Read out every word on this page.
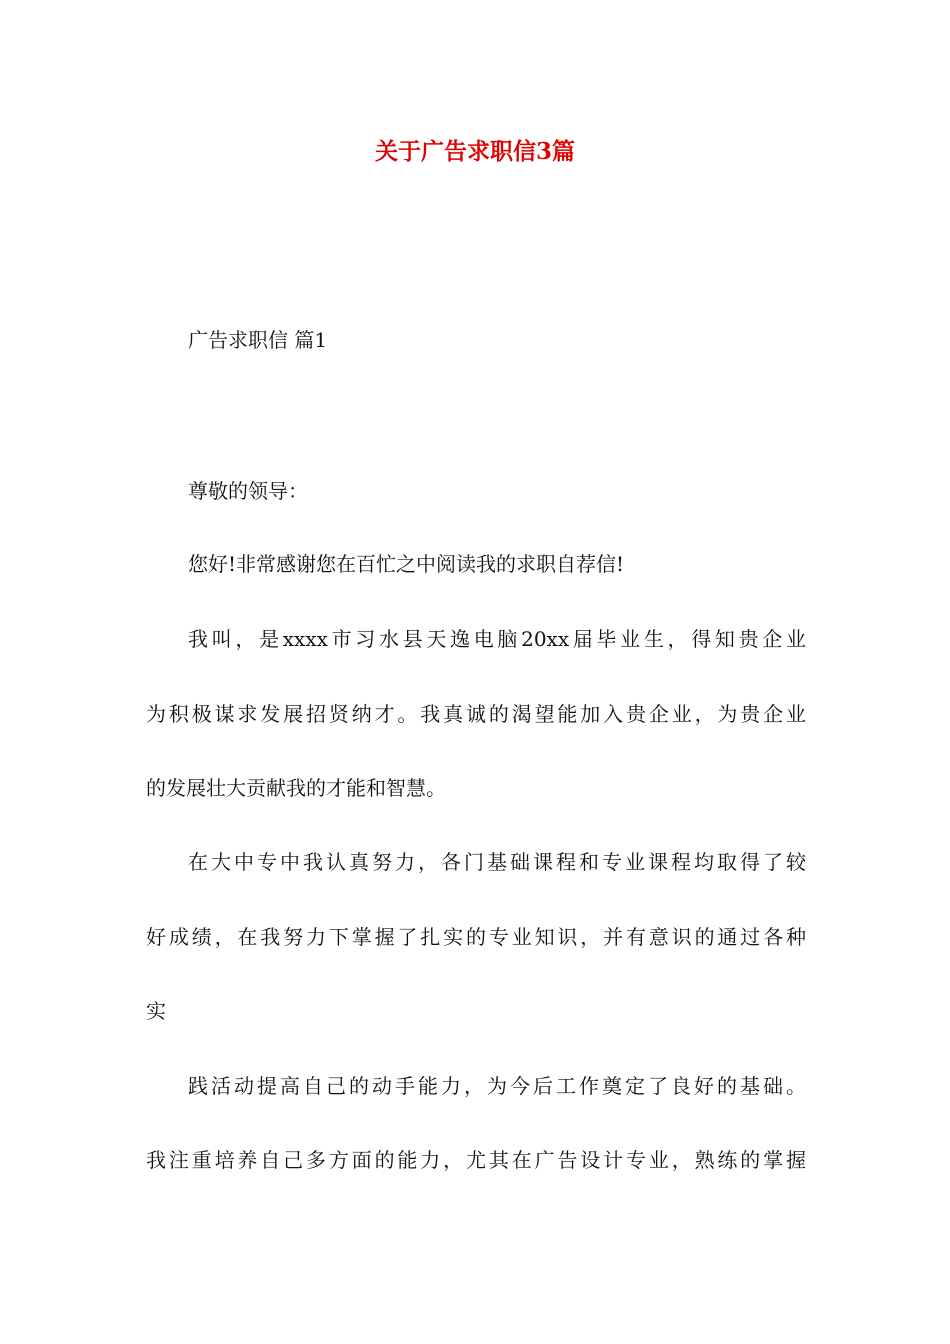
关于广告求职信3篇

广告求职信 篇1

尊敬的领导：

您好!非常感谢您在百忙之中阅读我的求职自荐信!

我叫，是xxxx市习水县天逸电脑20xx届毕业生，得知贵企业

为积极谋求发展招贤纳才。我真诚的渴望能加入贵企业，为贵企业

的发展壮大贡献我的才能和智慧。

在大中专中我认真努力，各门基础课程和专业课程均取得了较

好成绩，在我努力下掌握了扎实的专业知识，并有意识的通过各种

实

践活动提高自己的动手能力，为今后工作奠定了良好的基础。

我注重培养自己多方面的能力，尤其在广告设计专业，熟练的掌握
